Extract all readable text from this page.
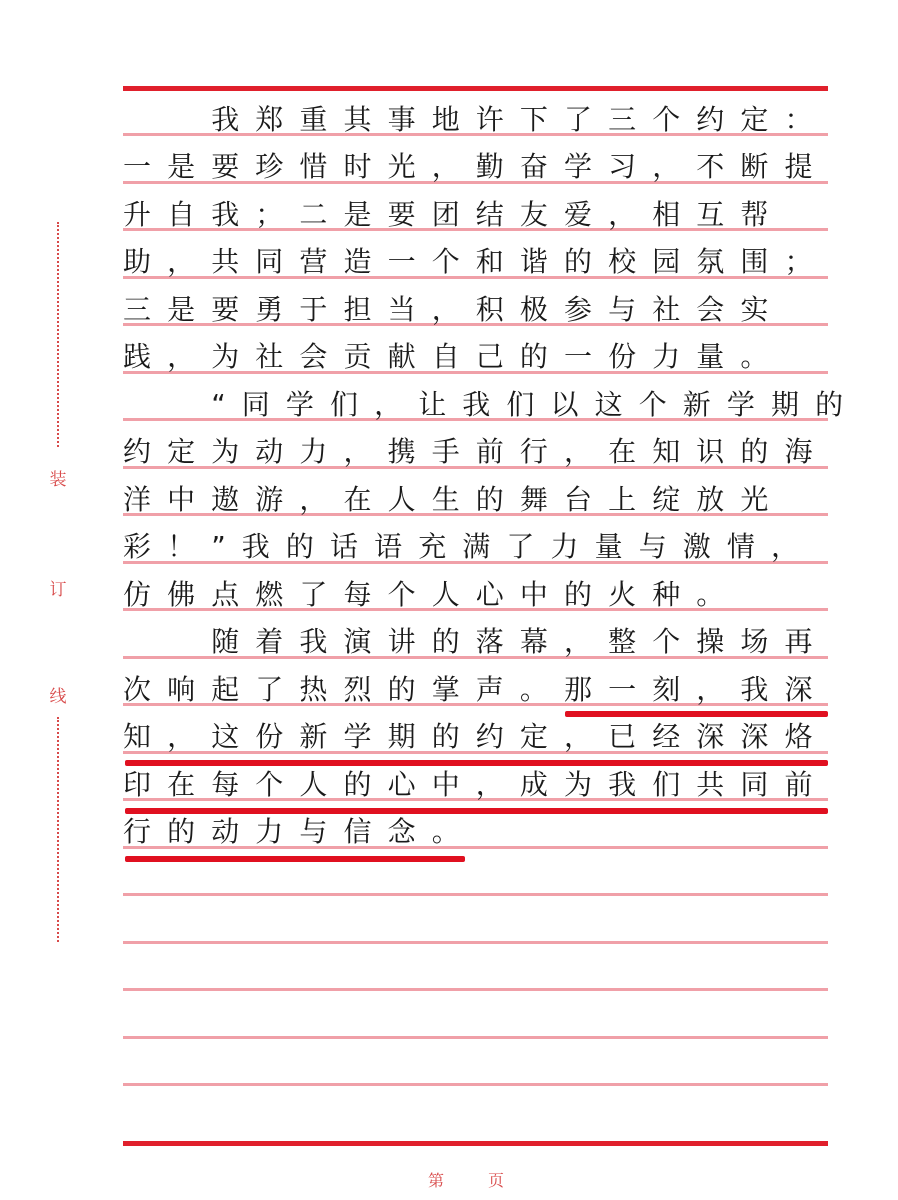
装
订
线
　　我郑重其事地许下了三个约定：
一是要珍惜时光，勤奋学习，不断提
升自我；二是要团结友爱，相互帮
助，共同营造一个和谐的校园氛围；
三是要勇于担当，积极参与社会实
践，为社会贡献自己的一份力量。
　　“同学们，让我们以这个新学期的
约定为动力，携手前行，在知识的海
洋中遨游，在人生的舞台上绽放光
彩！”我的话语充满了力量与激情，
仿佛点燃了每个人心中的火种。
　　随着我演讲的落幕，整个操场再
次响起了热烈的掌声。那一刻，我深
知，这份新学期的约定，已经深深烙
印在每个人的心中，成为我们共同前
行的动力与信念。
第	页
